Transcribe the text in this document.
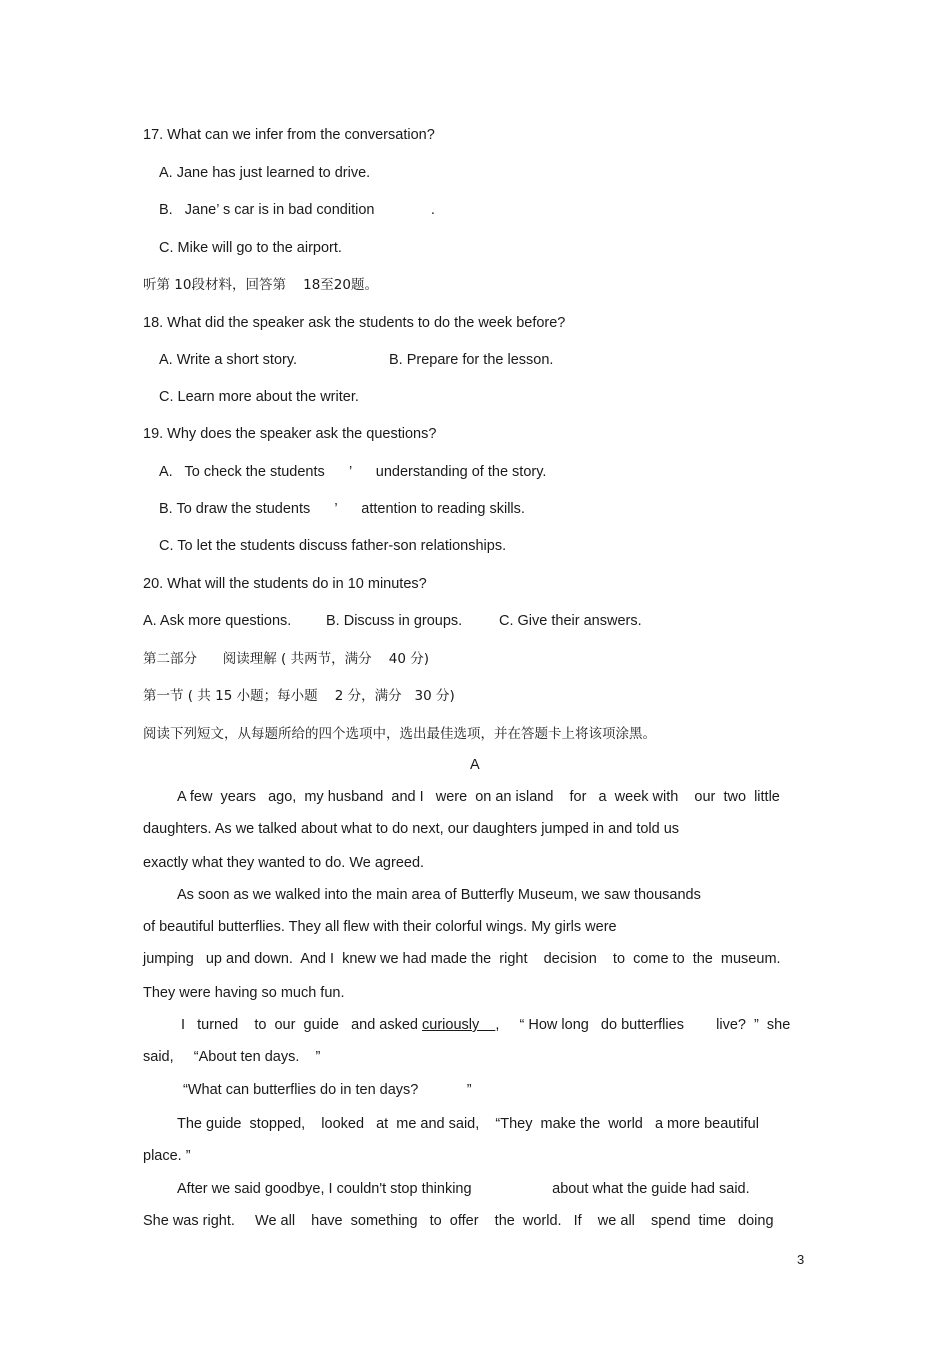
17. What can we infer from the conversation?
A. Jane has just learned to drive.
B.   Jane’ s car is in bad condition              .
C. Mike will go to the airport.
听第 10段材料，回答第    18至20题。
18. What did the speaker ask the students to do the week before?
A. Write a short story.	B. Prepare for the lesson.
C. Learn more about the writer.
19. Why does the speaker ask the questions?
A.   To check the students      ’      understanding of the story.
B. To draw the students      ’      attention to reading skills.
C. To let the students discuss father-son relationships.
20. What will the students do in 10 minutes?
A. Ask more questions. B. Discuss in groups.	C. Give their answers.
第二部分      阅读理解 ( 共两节，满分    40 分)
第一节 ( 共 15 小题；每小题    2 分，满分   30 分)
阅读下列短文，从每题所给的四个选项中，选出最佳选项，并在答题卡上将该项涂黑。
A
A few  years   ago,  my husband  and I   were  on an island    for   a  week with    our  two  little
daughters. As we talked about what to do next, our daughters jumped in and told us
exactly what they wanted to do. We agreed.
As soon as we walked into the main area of Butterfly Museum, we saw thousands
of beautiful butterflies. They all flew with their colorful wings. My girls were
jumping   up and down.  And I  knew we had made the  right    decision    to  come to  the  museum.
They were having so much fun.
I   turned    to  our  guide   and asked curiously    ,     “ How long   do butterflies        live?  ”  she
said,     “About ten days.    ”
“What can butterflies do in ten days?            ”
The guide  stopped,    looked   at  me and said,    “They  make the  world   a more beautiful
place. ”
After we said goodbye, I couldn't stop thinking                    about what the guide had said.
She was right.     We all    have  something   to  offer    the  world.   If    we all    spend  time   doing
3
